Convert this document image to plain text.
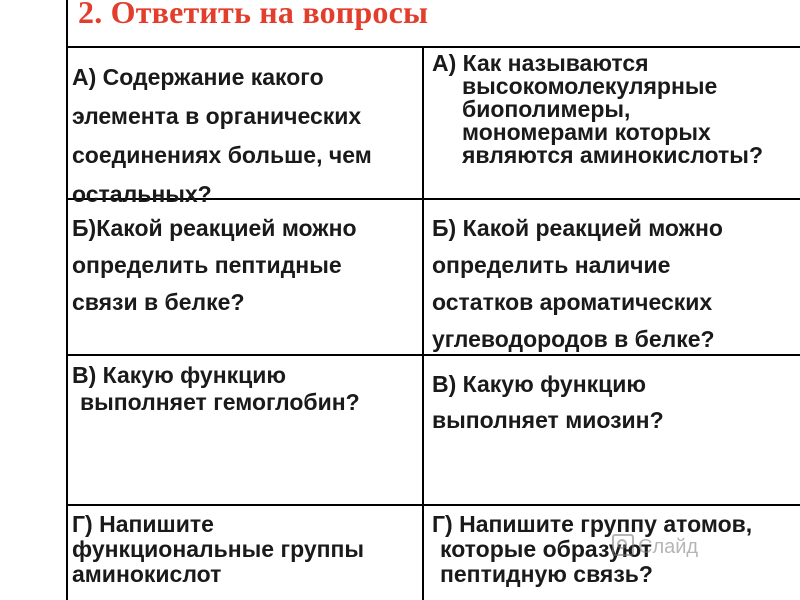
2. Ответить на вопросы
А) Содержание какого
элемента в органических
соединениях больше, чем
остальных?
А) Как называются
высокомолекулярные
биополимеры,
мономерами которых
являются аминокислоты?
Б)Какой реакцией можно
определить пептидные
связи в белке?
Б) Какой реакцией можно
определить наличие
остатков ароматических
углеводородов в белке?
В) Какую функцию
выполняет гемоглобин?
В) Какую функцию
выполняет миозин?
Г) Напишите
функциональные группы
аминокислот
Г) Напишите группу атомов,
которые образуют
пептидную связь?
Слайд
